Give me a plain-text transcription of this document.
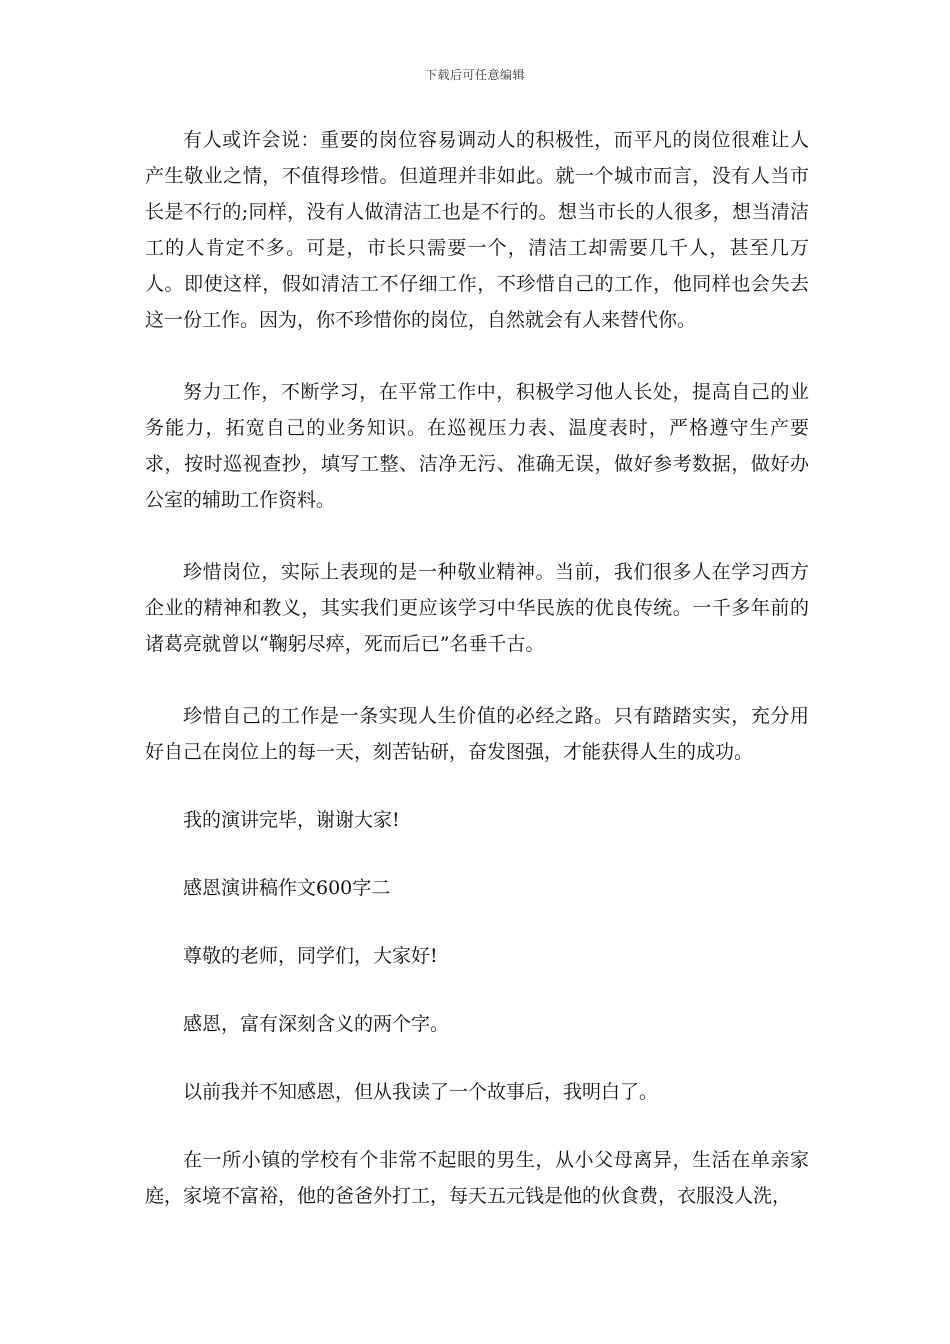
下载后可任意编辑

有人或许会说：重要的岗位容易调动人的积极性，而平凡的岗位很难让人产生敬业之情，不值得珍惜。但道理并非如此。就一个城市而言，没有人当市长是不行的;同样，没有人做清洁工也是不行的。想当市长的人很多，想当清洁工的人肯定不多。可是，市长只需要一个，清洁工却需要几千人，甚至几万人。即使这样，假如清洁工不仔细工作，不珍惜自己的工作，他同样也会失去这一份工作。因为，你不珍惜你的岗位，自然就会有人来替代你。

努力工作，不断学习，在平常工作中，积极学习他人长处，提高自己的业务能力，拓宽自己的业务知识。在巡视压力表、温度表时，严格遵守生产要求，按时巡视查抄，填写工整、洁净无污、准确无误，做好参考数据，做好办公室的辅助工作资料。

珍惜岗位，实际上表现的是一种敬业精神。当前，我们很多人在学习西方企业的精神和教义，其实我们更应该学习中华民族的优良传统。一千多年前的诸葛亮就曾以“鞠躬尽瘁，死而后已”名垂千古。

珍惜自己的工作是一条实现人生价值的必经之路。只有踏踏实实，充分用好自己在岗位上的每一天，刻苦钻研，奋发图强，才能获得人生的成功。

我的演讲完毕，谢谢大家!

感恩演讲稿作文600字二

尊敬的老师，同学们，大家好!

感恩，富有深刻含义的两个字。

以前我并不知感恩，但从我读了一个故事后，我明白了。

在一所小镇的学校有个非常不起眼的男生，从小父母离异，生活在单亲家庭，家境不富裕，他的爸爸外打工，每天五元钱是他的伙食费，衣服没人洗，
